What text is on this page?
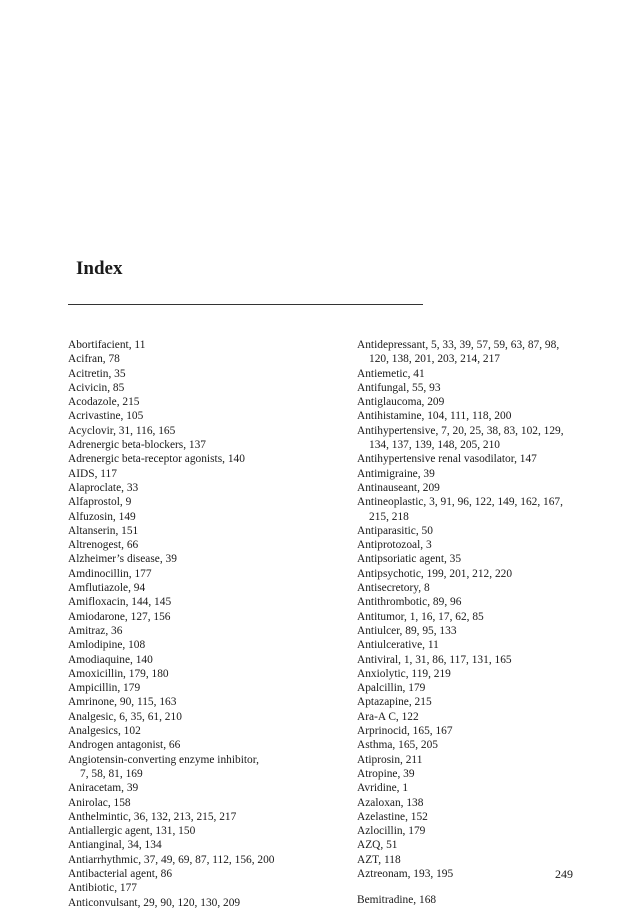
Index
Abortifacient, 11
Acifran, 78
Acitretin, 35
Acivicin, 85
Acodazole, 215
Acrivastine, 105
Acyclovir, 31, 116, 165
Adrenergic beta-blockers, 137
Adrenergic beta-receptor agonists, 140
AIDS, 117
Alaproclate, 33
Alfaprostol, 9
Alfuzosin, 149
Altanserin, 151
Altrenogest, 66
Alzheimer’s disease, 39
Amdinocillin, 177
Amflutiazole, 94
Amifloxacin, 144, 145
Amiodarone, 127, 156
Amitraz, 36
Amlodipine, 108
Amodiaquine, 140
Amoxicillin, 179, 180
Ampicillin, 179
Amrinone, 90, 115, 163
Analgesic, 6, 35, 61, 210
Analgesics, 102
Androgen antagonist, 66
Angiotensin-converting enzyme inhibitor,
7, 58, 81, 169
Aniracetam, 39
Anirolac, 158
Anthelmintic, 36, 132, 213, 215, 217
Antiallergic agent, 131, 150
Antianginal, 34, 134
Antiarrhythmic, 37, 49, 69, 87, 112, 156, 200
Antibacterial agent, 86
Antibiotic, 177
Anticonvulsant, 29, 90, 120, 130, 209
Antidepressant, 5, 33, 39, 57, 59, 63, 87, 98,
120, 138, 201, 203, 214, 217
Antiemetic, 41
Antifungal, 55, 93
Antiglaucoma, 209
Antihistamine, 104, 111, 118, 200
Antihypertensive, 7, 20, 25, 38, 83, 102, 129,
134, 137, 139, 148, 205, 210
Antihypertensive renal vasodilator, 147
Antimigraine, 39
Antinauseant, 209
Antineoplastic, 3, 91, 96, 122, 149, 162, 167,
215, 218
Antiparasitic, 50
Antiprotozoal, 3
Antipsoriatic agent, 35
Antipsychotic, 199, 201, 212, 220
Antisecretory, 8
Antithrombotic, 89, 96
Antitumor, 1, 16, 17, 62, 85
Antiulcer, 89, 95, 133
Antiulcerative, 11
Antiviral, 1, 31, 86, 117, 131, 165
Anxiolytic, 119, 219
Apalcillin, 179
Aptazapine, 215
Ara-A C, 122
Arprinocid, 165, 167
Asthma, 165, 205
Atiprosin, 211
Atropine, 39
Avridine, 1
Azaloxan, 138
Azelastine, 152
Azlocillin, 179
AZQ, 51
AZT, 118
Aztreonam, 193, 195
Bemitradine, 168
249
